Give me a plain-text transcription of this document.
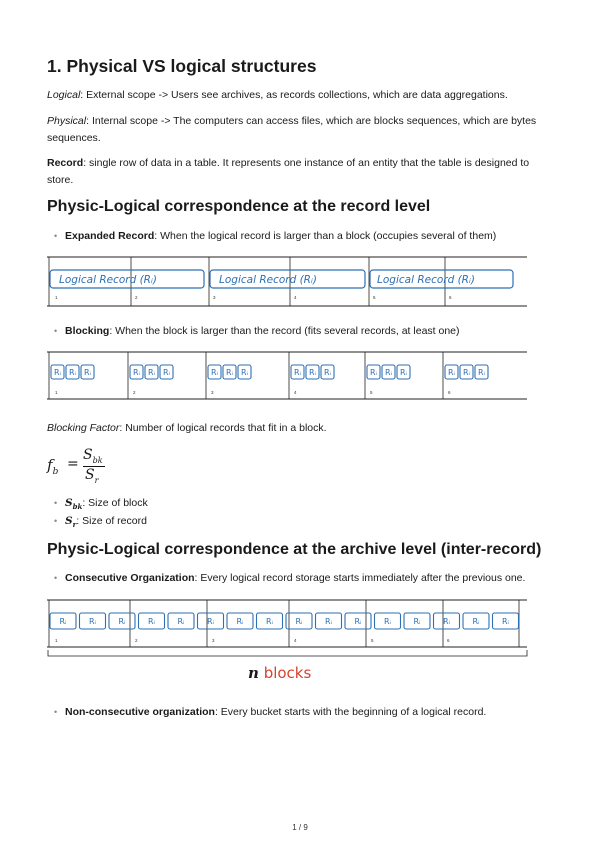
1. Physical VS logical structures

Logical: External scope -> Users see archives, as records collections, which are data aggregations.

Physical: Internal scope -> The computers can access files, which are blocks sequences, which are bytes sequences.

Record: single row of data in a table. It represents one instance of an entity that the table is designed to store.

Physic-Logical correspondence at the record level
• Expanded Record: When the logical record is larger than a block (occupies several of them)
Logical Record (Rᵢ)	Logical Record (Rᵢ)	Logical Record (Rᵢ)
1	2	3	4	5	6
• Blocking: When the block is larger than the record (fits several records, at least one)
Rᵢ Rᵢ Rᵢ	Rᵢ Rᵢ Rᵢ	Rᵢ Rᵢ Rᵢ	Rᵢ Rᵢ Rᵢ	Rᵢ Rᵢ Rᵢ	Rᵢ Rᵢ Rᵢ
1	2	3	4	5	6

Blocking Factor: Number of logical records that fit in a block.

$f_b$ =
$S_{bk}$
$S_r$
• $S_{bk}$: Size of block
• $S_r$: Size of record
Physic-Logical correspondence at the archive level (inter-record)
• Consecutive Organization: Every logical record storage starts immediately after the previous one.
Rᵢ	Rᵢ	Rᵢ	Rᵢ	Rᵢ	Rᵢ	Rᵢ	Rᵢ	Rᵢ	Rᵢ	Rᵢ	Rᵢ	Rᵢ	Rᵢ	Rᵢ	Rᵢ
1	2	3	4	5	6
n blocks
• Non-consecutive organization: Every bucket starts with the beginning of a logical record.
1 / 9
